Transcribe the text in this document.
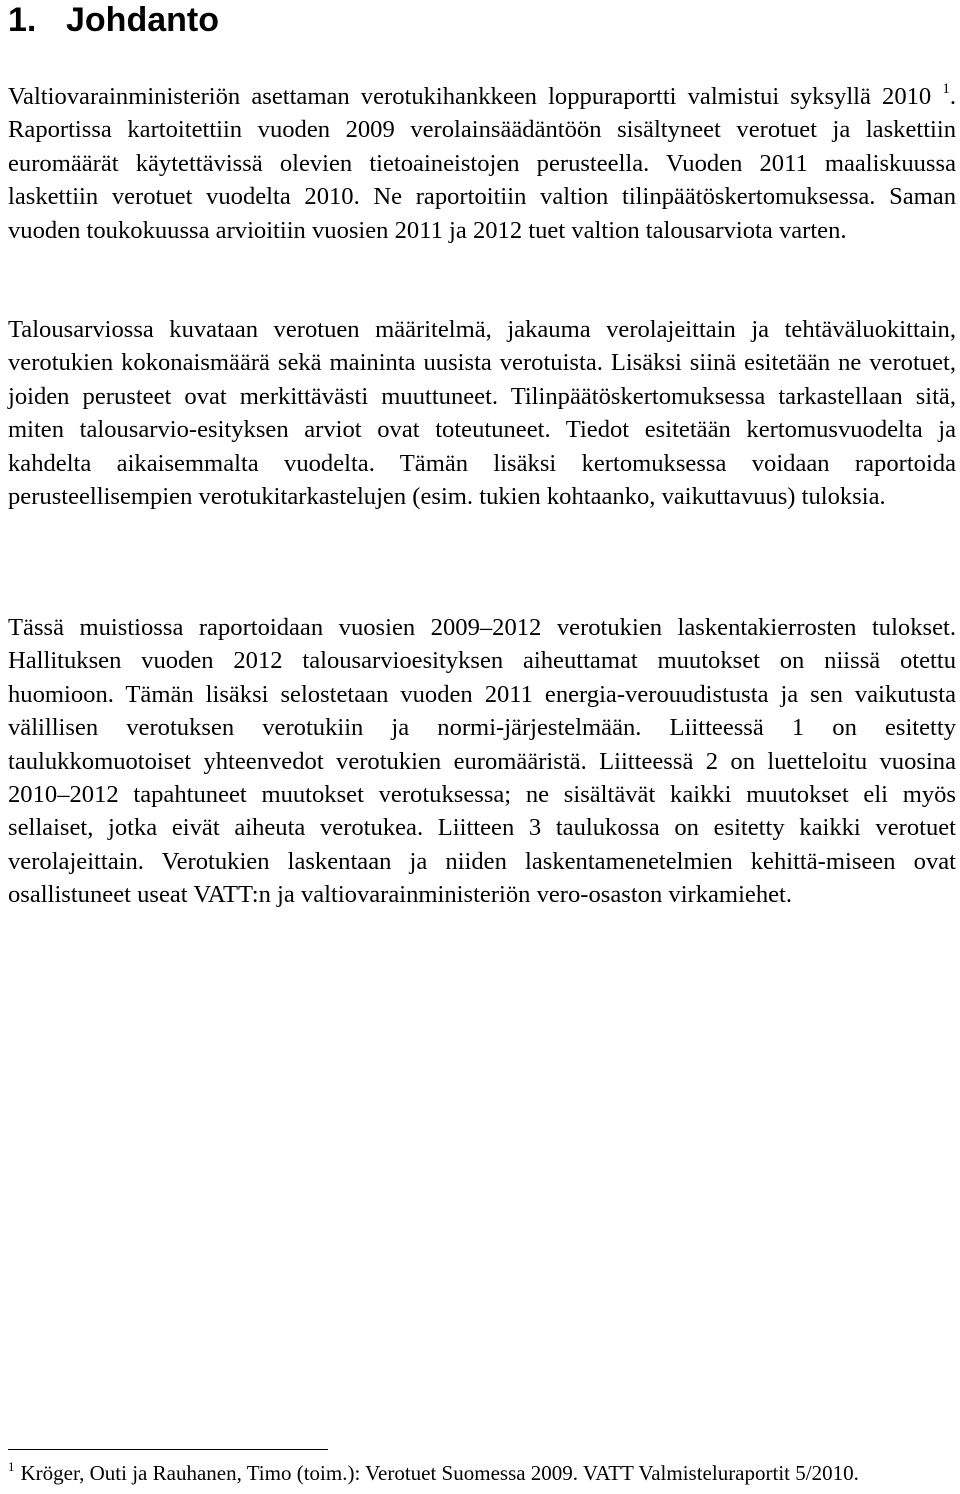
1. Johdanto

Valtiovarainministeriön asettaman verotukihankkeen loppuraportti valmistui syksyllä 2010 $^1$. Raportissa kartoitettiin vuoden 2009 verolainsäädäntöön sisältyneet verotuet ja laskettiin euromäärät käytettävissä olevien tietoaineistojen perusteella. Vuoden 2011 maaliskuussa laskettiin verotuet vuodelta 2010. Ne raportoitiin valtion tilinpäätöskertomuksessa. Saman vuoden toukokuussa arvioitiin vuosien 2011 ja 2012 tuet valtion talousarviota varten.

Talousarviossa kuvataan verotuen määritelmä, jakauma verolajeittain ja tehtäväluokittain, verotukien kokonaismäärä sekä maininta uusista verotuista. Lisäksi siinä esitetään ne verotuet, joiden perusteet ovat merkittävästi muuttuneet. Tilinpäätöskertomuksessa tarkastellaan sitä, miten talousarvio-esityksen arviot ovat toteutuneet. Tiedot esitetään kertomusvuodelta ja kahdelta aikaisemmalta vuodelta. Tämän lisäksi kertomuksessa voidaan raportoida perusteellisempien verotukitarkastelujen (esim. tukien kohtaanko, vaikuttavuus) tuloksia.

Tässä muistiossa raportoidaan vuosien 2009–2012 verotukien laskentakierrosten tulokset. Hallituksen vuoden 2012 talousarvioesityksen aiheuttamat muutokset on niissä otettu huomioon. Tämän lisäksi selostetaan vuoden 2011 energia-verouudistusta ja sen vaikutusta välillisen verotuksen verotukiin ja normi-järjestelmään. Liitteessä 1 on esitetty taulukkomuotoiset yhteenvedot verotukien euromääristä. Liitteessä 2 on luetteloitu vuosina 2010–2012 tapahtuneet muutokset verotuksessa; ne sisältävät kaikki muutokset eli myös sellaiset, jotka eivät aiheuta verotukea. Liitteen 3 taulukossa on esitetty kaikki verotuet verolajeittain. Verotukien laskentaan ja niiden laskentamenetelmien kehittä-miseen ovat osallistuneet useat VATT:n ja valtiovarainministeriön vero-osaston virkamiehet.

$^1$ Kröger, Outi ja Rauhanen, Timo (toim.): Verotuet Suomessa 2009. VATT Valmisteluraportit 5/2010.
